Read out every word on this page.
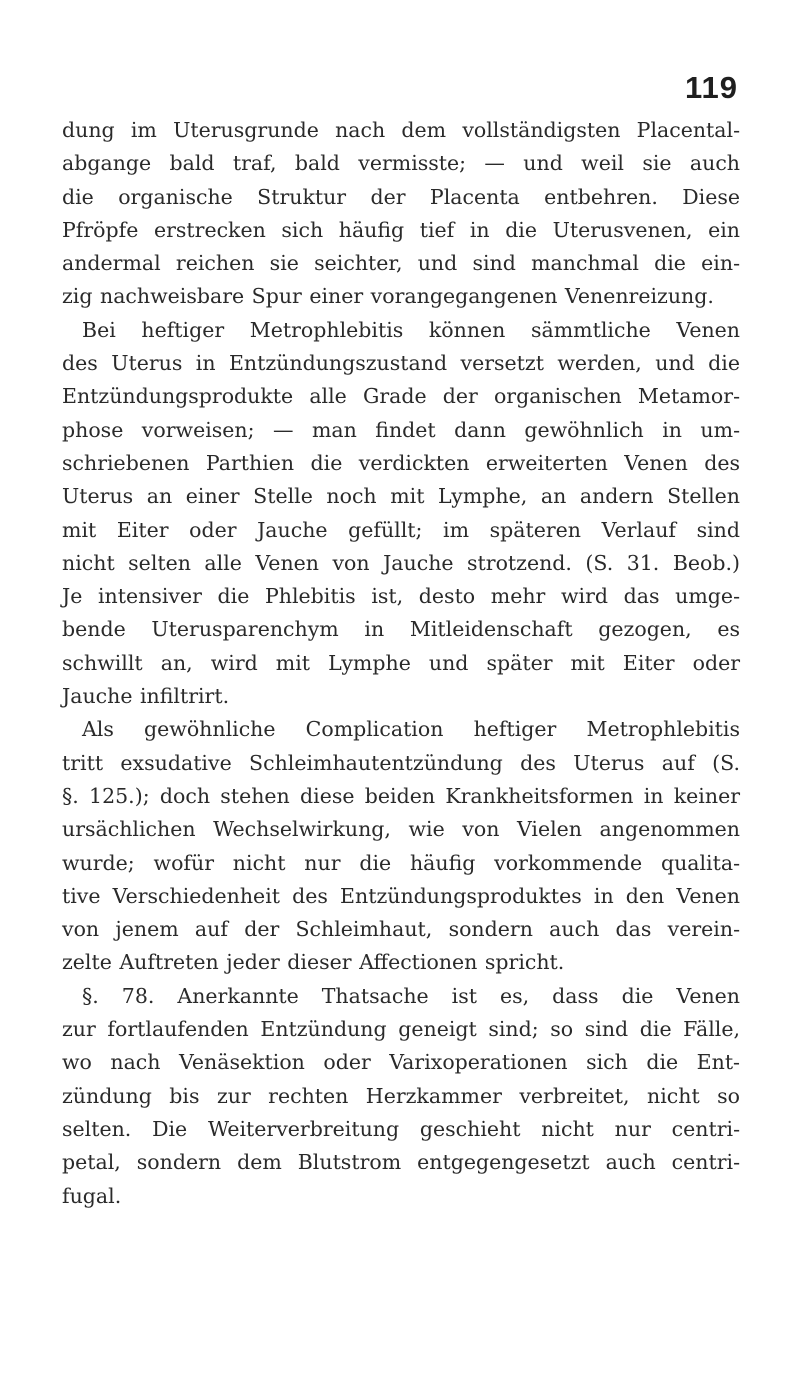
119
dung im Uterusgrunde nach dem vollständigsten Placental-
abgange bald traf, bald vermisste; — und weil sie auch
die organische Struktur der Placenta entbehren. Diese
Pfröpfe erstrecken sich häufig tief in die Uterusvenen, ein
andermal reichen sie seichter, und sind manchmal die ein-
zig nachweisbare Spur einer vorangegangenen Venenreizung.
Bei heftiger Metrophlebitis können sämmtliche Venen
des Uterus in Entzündungszustand versetzt werden, und die
Entzündungsprodukte alle Grade der organischen Metamor-
phose vorweisen; — man findet dann gewöhnlich in um-
schriebenen Parthien die verdickten erweiterten Venen des
Uterus an einer Stelle noch mit Lymphe, an andern Stellen
mit Eiter oder Jauche gefüllt; im späteren Verlauf sind
nicht selten alle Venen von Jauche strotzend. (S. 31. Beob.)
Je intensiver die Phlebitis ist, desto mehr wird das umge-
bende Uterusparenchym in Mitleidenschaft gezogen, es
schwillt an, wird mit Lymphe und später mit Eiter oder
Jauche infiltrirt.
Als gewöhnliche Complication heftiger Metrophlebitis
tritt exsudative Schleimhautentzündung des Uterus auf (S.
§. 125.); doch stehen diese beiden Krankheitsformen in keiner
ursächlichen Wechselwirkung, wie von Vielen angenommen
wurde; wofür nicht nur die häufig vorkommende qualita-
tive Verschiedenheit des Entzündungsproduktes in den Venen
von jenem auf der Schleimhaut, sondern auch das verein-
zelte Auftreten jeder dieser Affectionen spricht.
§. 78. Anerkannte Thatsache ist es, dass die Venen
zur fortlaufenden Entzündung geneigt sind; so sind die Fälle,
wo nach Venäsektion oder Varixoperationen sich die Ent-
zündung bis zur rechten Herzkammer verbreitet, nicht so
selten. Die Weiterverbreitung geschieht nicht nur centri-
petal, sondern dem Blutstrom entgegengesetzt auch centri-
fugal.
